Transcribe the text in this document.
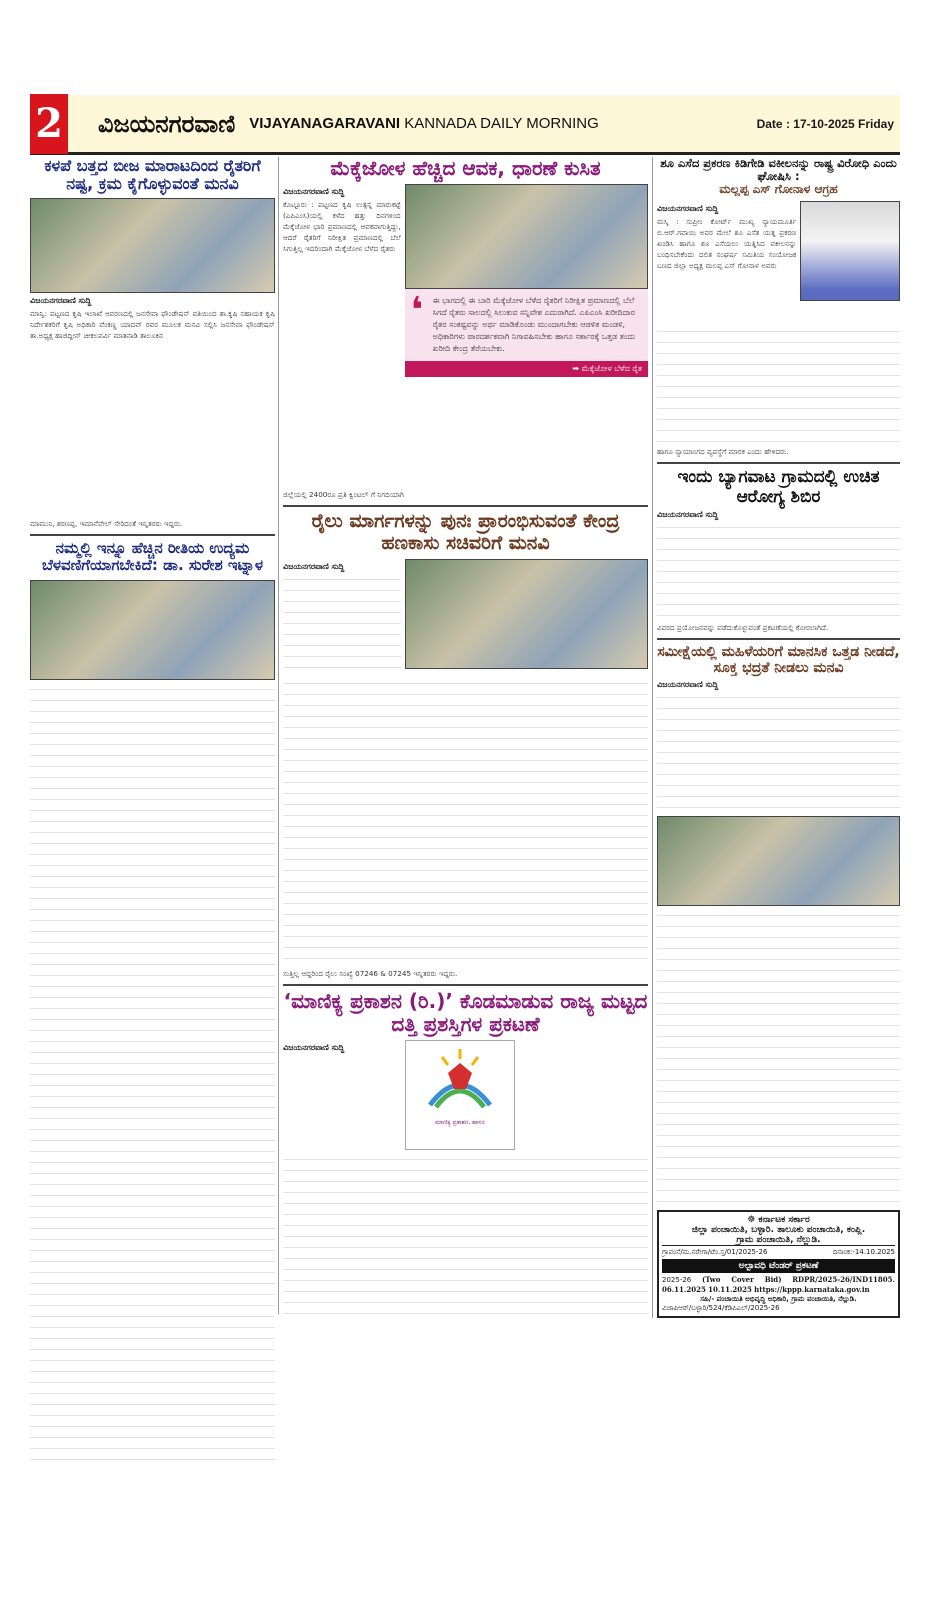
2 ವಿಜಯನಗರವಾಣಿ VIJAYANAGARAVANI KANNADA DAILY MORNING	Date : 17-10-2025 Friday
ಕಳಪೆ ಬತ್ತದ ಬೀಜ ಮಾರಾಟದಿಂದ ರೈತರಿಗೆ ನಷ್ಟ, ಕ್ರಮ ಕೈಗೊಳ್ಳುವಂತೆ ಮನವಿ
ವಿಜಯನಗರವಾಣಿ ಸುದ್ದಿ
ಮಾನ್ವಿ: ಪಟ್ಟಣದ ಕೃಷಿ ಇಲಾಖೆ ಆವರಣದಲ್ಲಿ ಜನಸೇವಾ ಫೌಂಡೇಷನ್ ವತಿಯಿಂದ ತಾ.ಕೃಷಿ ಸಹಾಯಕ ಕೃಷಿ ನಿರ್ದೇಶಕರಿಗೆ ಕೃಷಿ ಅಧಿಕಾರಿ ವೆಂಕಣ್ಣ ಯಾದವ್ ರವರ ಮೂಲಕ ಮನವಿ ಸಲ್ಲಿಸಿ ಜನಸೇವಾ ಫೌಂಡೇಷನ್ ತಾ.ಅಧ್ಯಕ್ಷ ಹಾಜಿದ್ದೀನ್ ಚೀಕಲಪರ್ವಿ ಮಾತನಾಡಿ ತಾಲೂಕಿನ
ಮಾಮುನಿ, ಶರಣಪ್ಪ, ಇಮಾನೆವೇಲ್ ಸೇರಿದಂತೆ ಇನ್ನಿತರರು ಇದ್ದರು.
ನಮ್ಮಲ್ಲಿ ಇನ್ನೂ ಹೆಚ್ಚಿನ ರೀತಿಯ ಉದ್ಯಮ ಬೆಳವಣಿಗೆಯಾಗಬೇಕಿದೆ: ಡಾ. ಸುರೇಶ ಇಟ್ನಾಳ
ಮೆಕ್ಕೆಜೋಳ ಹೆಚ್ಚಿದ ಆವಕ, ಧಾರಣೆ ಕುಸಿತ
ವಿಜಯನಗರವಾಣಿ ಸುದ್ದಿ
ಕೊಟ್ಟೂರು : ಪಟ್ಟಣದ ಕೃಷಿ ಉತ್ಪನ್ನ ಮಾರುಕಟ್ಟೆ (ಎಪಿಎಂಸಿ)ಯಲ್ಲಿ ಕಳೆದ ಹತ್ತು ದಿನಗಳಿಂದ ಮೆಕ್ಕೆಜೋಳ ಭಾರಿ ಪ್ರಮಾಣದಲ್ಲಿ ಆವಕವಾಗುತ್ತಿದ್ದು, ಆದರೆ ರೈತರಿಗೆ ನಿರೀಕ್ಷಿತ ಪ್ರಮಾಣದಲ್ಲಿ ಬೆಲೆ ಸಿಗುತ್ತಿಲ್ಲ ಇದರಿಂದಾಗಿ ಮೆಕ್ಕೆಜೋಳ ಬೆಳೆದ ರೈತರು
❛	ಈ ಭಾಗದಲ್ಲಿ ಈ ಬಾರಿ ಮೆಕ್ಕೆಜೋಳ ಬೆಳೆದ ರೈತರಿಗೆ ನಿರೀಕ್ಷಿತ ಪ್ರಮಾಣದಲ್ಲಿ ಬೆಲೆ ಸಿಗದೆ ರೈತರು ಸಾಲದಲ್ಲಿ ಸಿಲುಕುವ ಸನ್ನಿವೇಶ ಎದುರಾಗಿದೆ. ಎಪಿಎಂಸಿ ಖರೀದಿದಾರ ರೈತರ ಸಂಕಷ್ಟವನ್ನು ಅರ್ಥ ಮಾಡಿಕೊಂಡು ಮುಂದಾಗಬೇಕು ಆಡಳಿತ ಮಂಡಳಿ, ಅಧಿಕಾರಿಗಳು ಪಾರದರ್ಶಕವಾಗಿ ನಿಗಾವಹಿಸಬೇಕು ಹಾಗೂ ಸರ್ಕಾರಕ್ಕೆ ಒತ್ತಡ ತಂದು ಖರೀದಿ ಕೇಂದ್ರ ತೆರೆಯಬೇಕು.
➡ ಮೆಕ್ಕೆಜೋಳ ಬೆಳೆದ ರೈತ
ಜಿಲ್ಲೆಯಲ್ಲಿ 2400ರೂ ಪ್ರತಿ ಕ್ವಿಂಟಲ್ ಗೆ ನಿಗದಿಯಾಗಿ
ರೈಲು ಮಾರ್ಗಗಳನ್ನು ಪುನಃ ಪ್ರಾರಂಭಿಸುವಂತೆ ಕೇಂದ್ರ ಹಣಕಾಸು ಸಚಿವರಿಗೆ ಮನವಿ
ವಿಜಯನಗರವಾಣಿ ಸುದ್ದಿ
ಸುತ್ತಿಲ್ಲ ಆದ್ದರಿಂದ ರೈಲು ಸಂಖ್ಯೆ 07246 & 07245 ಇನ್ನಿತರರು ಇದ್ದರು.
‘ಮಾಣಿಕ್ಯ ಪ್ರಕಾಶನ (ರಿ.)’ ಕೊಡಮಾಡುವ ರಾಜ್ಯ ಮಟ್ಟದ ದತ್ತಿ ಪ್ರಶಸ್ತಿಗಳ ಪ್ರಕಟಣೆ
ವಿಜಯನಗರವಾಣಿ ಸುದ್ದಿ
ಮಾಣಿಕ್ಯ ಪ್ರಕಾಶನ, ಹಾಸನ
ಶೂ ಎಸೆದ ಪ್ರಕರಣ ಕಿಡಿಗೇಡಿ ವಕೀಲನನ್ನು ರಾಷ್ಟ್ರ ವಿರೋಧಿ ಎಂದು ಘೋಷಿಸಿ :
ಮಲ್ಲಪ್ಪ ಎಸ್ ಗೋನಾಳ ಆಗ್ರಹ
ವಿಜಯನಗರವಾಣಿ ಸುದ್ದಿ
ಮಸ್ಕಿ : ಸುಪ್ರೀಂ ಕೋರ್ಟ್ ಮುಖ್ಯ ನ್ಯಾಯಮೂರ್ತಿ ಬಿ.ಆರ್.ಗವಾಯಿ ಅವರ ಮೇಲೆ ಶೂ ಎಸೆತ ಯತ್ನ ಪ್ರಕರಣ ಖಂಡಿಸಿ ಹಾಗೂ ಶೂ ಎಸೆಯಲು ಯತ್ನಿಸಿದ ವಕೀಲನನ್ನು ಬಂಧಿಸಬೇಕೆಂದು ದಲಿತ ಸಂಘರ್ಷ ಸಮಿತಿಯ ಸಂಯೋಜಕ ಬಣದ ಜಿಲ್ಲಾ ಅಧ್ಯಕ್ಷ ಮಲಪ್ಪ ಎಸ್ ಗೋನಾಳ ಅವರು
ಹಾಗೂ ನ್ಯಾಯಾಂಗದ ವ್ಯವಸ್ಥೆಗೆ ಮಾರಕ ಎಂದು ಹೇಳಿದರು.
ಇಂದು ಬ್ಯಾಗವಾಟ ಗ್ರಾಮದಲ್ಲಿ ಉಚಿತ ಆರೋಗ್ಯ ಶಿಬಿರ
ವಿಜಯನಗರವಾಣಿ ಸುದ್ದಿ
ವಿವರದ ಪ್ರಯೋಜನವನ್ನು ಪಡೆದುಕೊಳ್ಳುವಂತೆ ಪ್ರಕಟಣೆಯಲ್ಲಿ ಕೋರಲಾಗಿದೆ.
ಸಮೀಕ್ಷೆಯಲ್ಲಿ ಮಹಿಳೆಯರಿಗೆ ಮಾನಸಿಕ ಒತ್ತಡ ನೀಡದೆ, ಸೂಕ್ತ ಭದ್ರತೆ ನೀಡಲು ಮನವಿ
ವಿಜಯನಗರವಾಣಿ ಸುದ್ದಿ
☸ ಕರ್ನಾಟಕ ಸರ್ಕಾರ
ಜಿಲ್ಲಾ ಪಂಚಾಯಿತಿ, ಬಳ್ಳಾರಿ. ತಾಲೂಕು ಪಂಚಾಯಿತಿ, ಕಂಪ್ಲಿ.
ಗ್ರಾಮ ಪಂಚಾಯಿತಿ, ನೆಲ್ಲುಡಿ.
ಗ್ರಾಪಂನೆ/ಮ.ನರೇಗಾ/ಟೆಂ.ಸ್ತ/01/2025-26	ದಿನಾಂಕ:-14.10.2025
ಅಲ್ಪಾವಧಿ ಟೆಂಡರ್ ಪ್ರಕಟಣೆ
2025-26 (Two Cover Bid) RDPR/2025-26/IND11805. 06.11.2025 10.11.2025 https://kppp.karnataka.gov.in
ಸಹಿ/- ಪಂಚಾಯಿತಿ ಅಭಿವೃದ್ಧಿ ಅಧಿಕಾರಿ, ಗ್ರಾಮ ಪಂಚಾಯಿತಿ, ನೆಲ್ಲುಡಿ.
ವಿಜಾಪಿಆರ್/ಬಳ್ಳಾರಿ/524/ಕೆಡಿಪಿಎಲ್/2025-26
